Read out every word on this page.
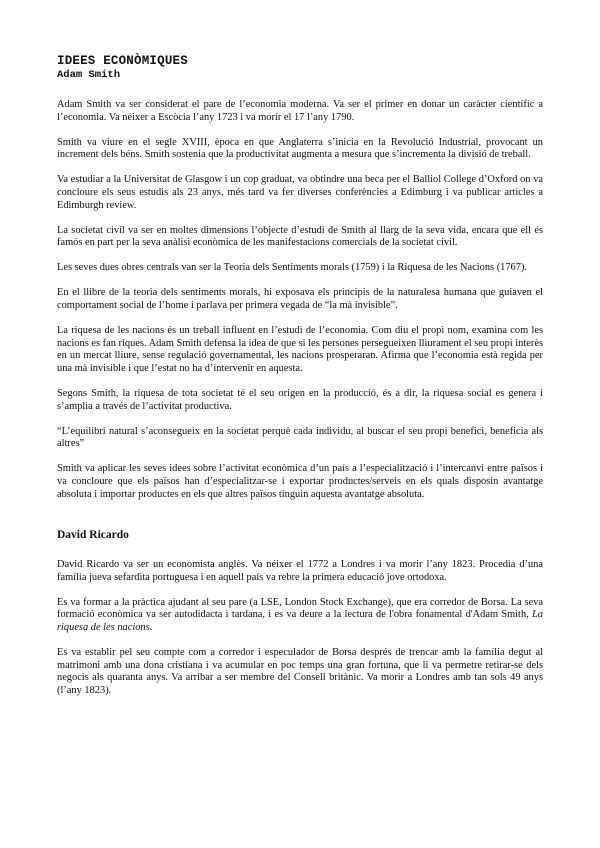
IDEES ECONÒMIQUES
Adam Smith

Adam Smith va ser considerat el pare de l’economia moderna. Va ser el primer en donar un caràcter científic a l’economia. Va néixer a Escòcia l’any 1723 i va morir el 17 l’any 1790.

Smith va viure en el segle XVIII, època en que Anglaterra s’inicia en la Revolució Industrial, provocant un increment dels béns. Smith sostenia que la productivitat augmenta a mesura que s’incrementa la divisió de treball.

Va estudiar a la Universitat de Glasgow i un cop graduat, va obtindre una beca per el Balliol College d’Oxford on va concloure els seus estudis als 23 anys, més tard va fer diverses conferències a Edimburg i va publicar articles a Edimburgh review.

La societat civil va ser en moltes dimensions l’objecte d’estudi de Smith al llarg de la seva vida, encara que ell és famós en part per la seva anàlisi econòmica de les manifestacions comercials de la societat civil.

Les seves dues obres centrals van ser la Teoria dels Sentiments morals (1759) i la Riquesa de les Nacions (1767).

En el llibre de la teoria dels sentiments morals, hi exposava els principis de la naturalesa humana que guiaven el comportament social de l’home i parlava per primera vegada de “la mà invisible”.

La riquesa de les nacions és un treball influent en l’estudi de l’economia. Com diu el propi nom, examina com les nacions es fan riques. Adam Smith defensa la idea de que si les persones persegueixen lliurament el seu propi interès en un mercat lliure, sense regulació governamental, les nacions prosperaran. Afirma que l’economia està regida per una mà invisible i que l’estat no ha d’intervenir en aquesta.

Segons Smith, la riquesa de tota societat té el seu origen en la producció, és a dir, la riquesa social es genera i s’amplia a través de l’activitat productiva.

“L’equilibri natural s’aconsegueix en la societat perquè cada individu, al buscar el seu propi benefici, beneficia als altres”

Smith va aplicar les seves idees sobre l’activitat econòmica d’un país a l’especialització i l’intercanvi entre països i va concloure que els països han d’especialitzar-se i exportar productes/serveis en els quals disposin avantatge absoluta i importar productes en els que altres països tinguin aquesta avantatge absoluta.

David Ricardo

David Ricardo va ser un economista anglès. Va néixer el 1772 a Londres i va morir l’any 1823. Procedia d’una família jueva sefardita portuguesa i en aquell país va rebre la primera educació jove ortodoxa.

Es va formar a la pràctica ajudant al seu pare (a LSE, London Stock Exchange), que era corredor de Borsa. La seva formació econòmica va ser autodidacta i tardana, i es va deure a la lectura de l'obra fonamental d'Adam Smith, La riquesa de les nacions.

Es va establir pel seu compte com a corredor i especulador de Borsa després de trencar amb la família degut al matrimoni amb una dona cristiana i va acumular en poc temps una gran fortuna, que li va permetre retirar-se dels negocis als quaranta anys. Va arribar a ser membre del Consell britànic. Va morir a Londres amb tan sols 49 anys (l’any 1823).
